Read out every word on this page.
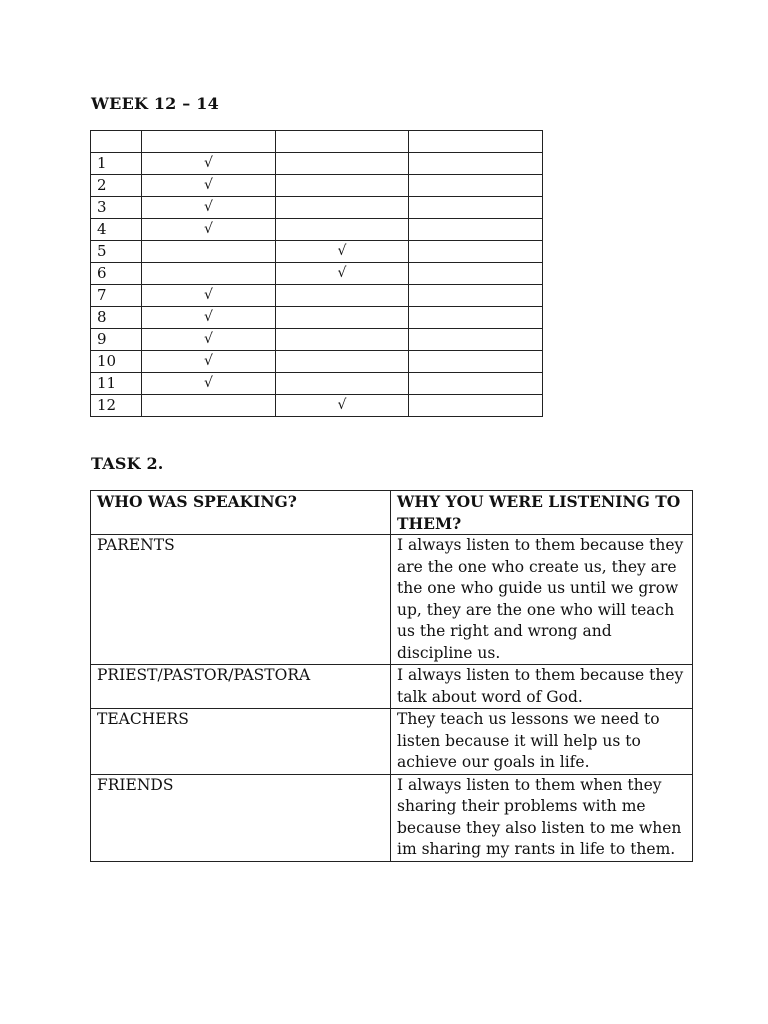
WEEK 12 – 14

1	√		
2	√		
3	√		
4	√		
5		√	
6		√	
7	√		
8	√		
9	√		
10	√		
11	√		
12		√	
TASK 2.
WHO WAS SPEAKING?	WHY YOU WERE LISTENING TO THEM?
PARENTS	I always listen to them because they are the one who create us, they are the one who guide us until we grow up, they are the one who will teach us the right and wrong and discipline us.
PRIEST/PASTOR/PASTORA	I always listen to them because they talk about word of God.
TEACHERS	They teach us lessons we need to listen because it will help us to achieve our goals in life.
FRIENDS	I always listen to them when they sharing their problems with me because they also listen to me when im sharing my rants in life to them.
